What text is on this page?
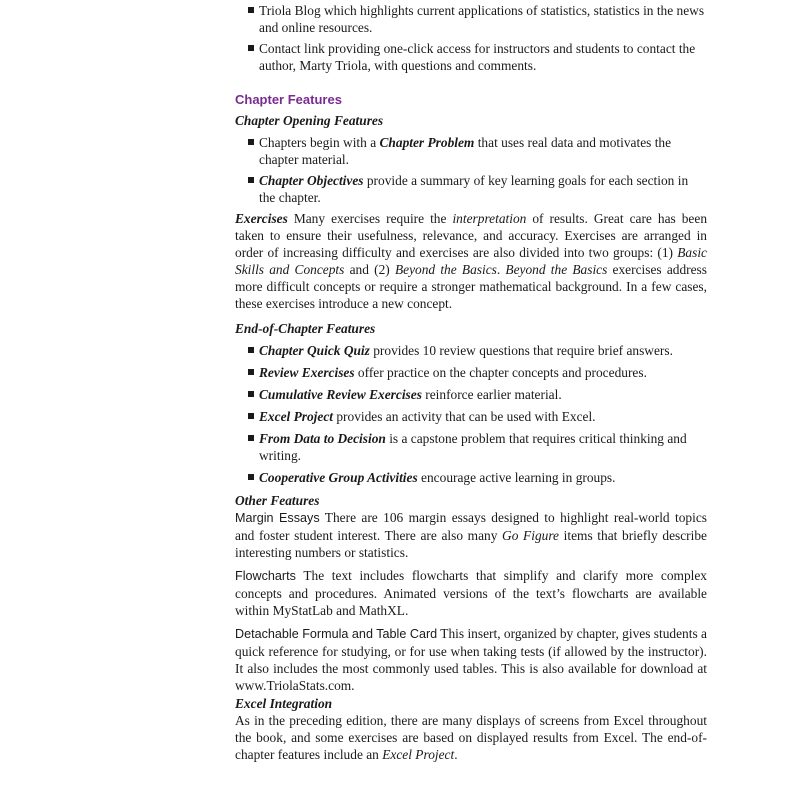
Triola Blog which highlights current applications of statistics, statistics in the news and online resources.
Contact link providing one-click access for instructors and students to contact the author, Marty Triola, with questions and comments.
Chapter Features
Chapter Opening Features
Chapters begin with a Chapter Problem that uses real data and motivates the chapter material.
Chapter Objectives provide a summary of key learning goals for each section in the chapter.

Exercises Many exercises require the interpretation of results. Great care has been taken to ensure their usefulness, relevance, and accuracy. Exercises are arranged in order of increasing difficulty and exercises are also divided into two groups: (1) Basic Skills and Concepts and (2) Beyond the Basics. Beyond the Basics exercises address more difficult concepts or require a stronger mathematical background. In a few cases, these exercises introduce a new concept.

End-of-Chapter Features
Chapter Quick Quiz provides 10 review questions that require brief answers.
Review Exercises offer practice on the chapter concepts and procedures.
Cumulative Review Exercises reinforce earlier material.
Excel Project provides an activity that can be used with Excel.
From Data to Decision is a capstone problem that requires critical thinking and writing.
Cooperative Group Activities encourage active learning in groups.
Other Features

Margin Essays There are 106 margin essays designed to highlight real-world topics and foster student interest. There are also many Go Figure items that briefly describe interesting numbers or statistics.

Flowcharts The text includes flowcharts that simplify and clarify more complex concepts and procedures. Animated versions of the text’s flowcharts are available within MyStatLab and MathXL.

Detachable Formula and Table Card This insert, organized by chapter, gives students a quick reference for studying, or for use when taking tests (if allowed by the instructor). It also includes the most commonly used tables. This is also available for download at www.TriolaStats.com.

Excel Integration

As in the preceding edition, there are many displays of screens from Excel throughout the book, and some exercises are based on displayed results from Excel. The end-of-chapter features include an Excel Project.
